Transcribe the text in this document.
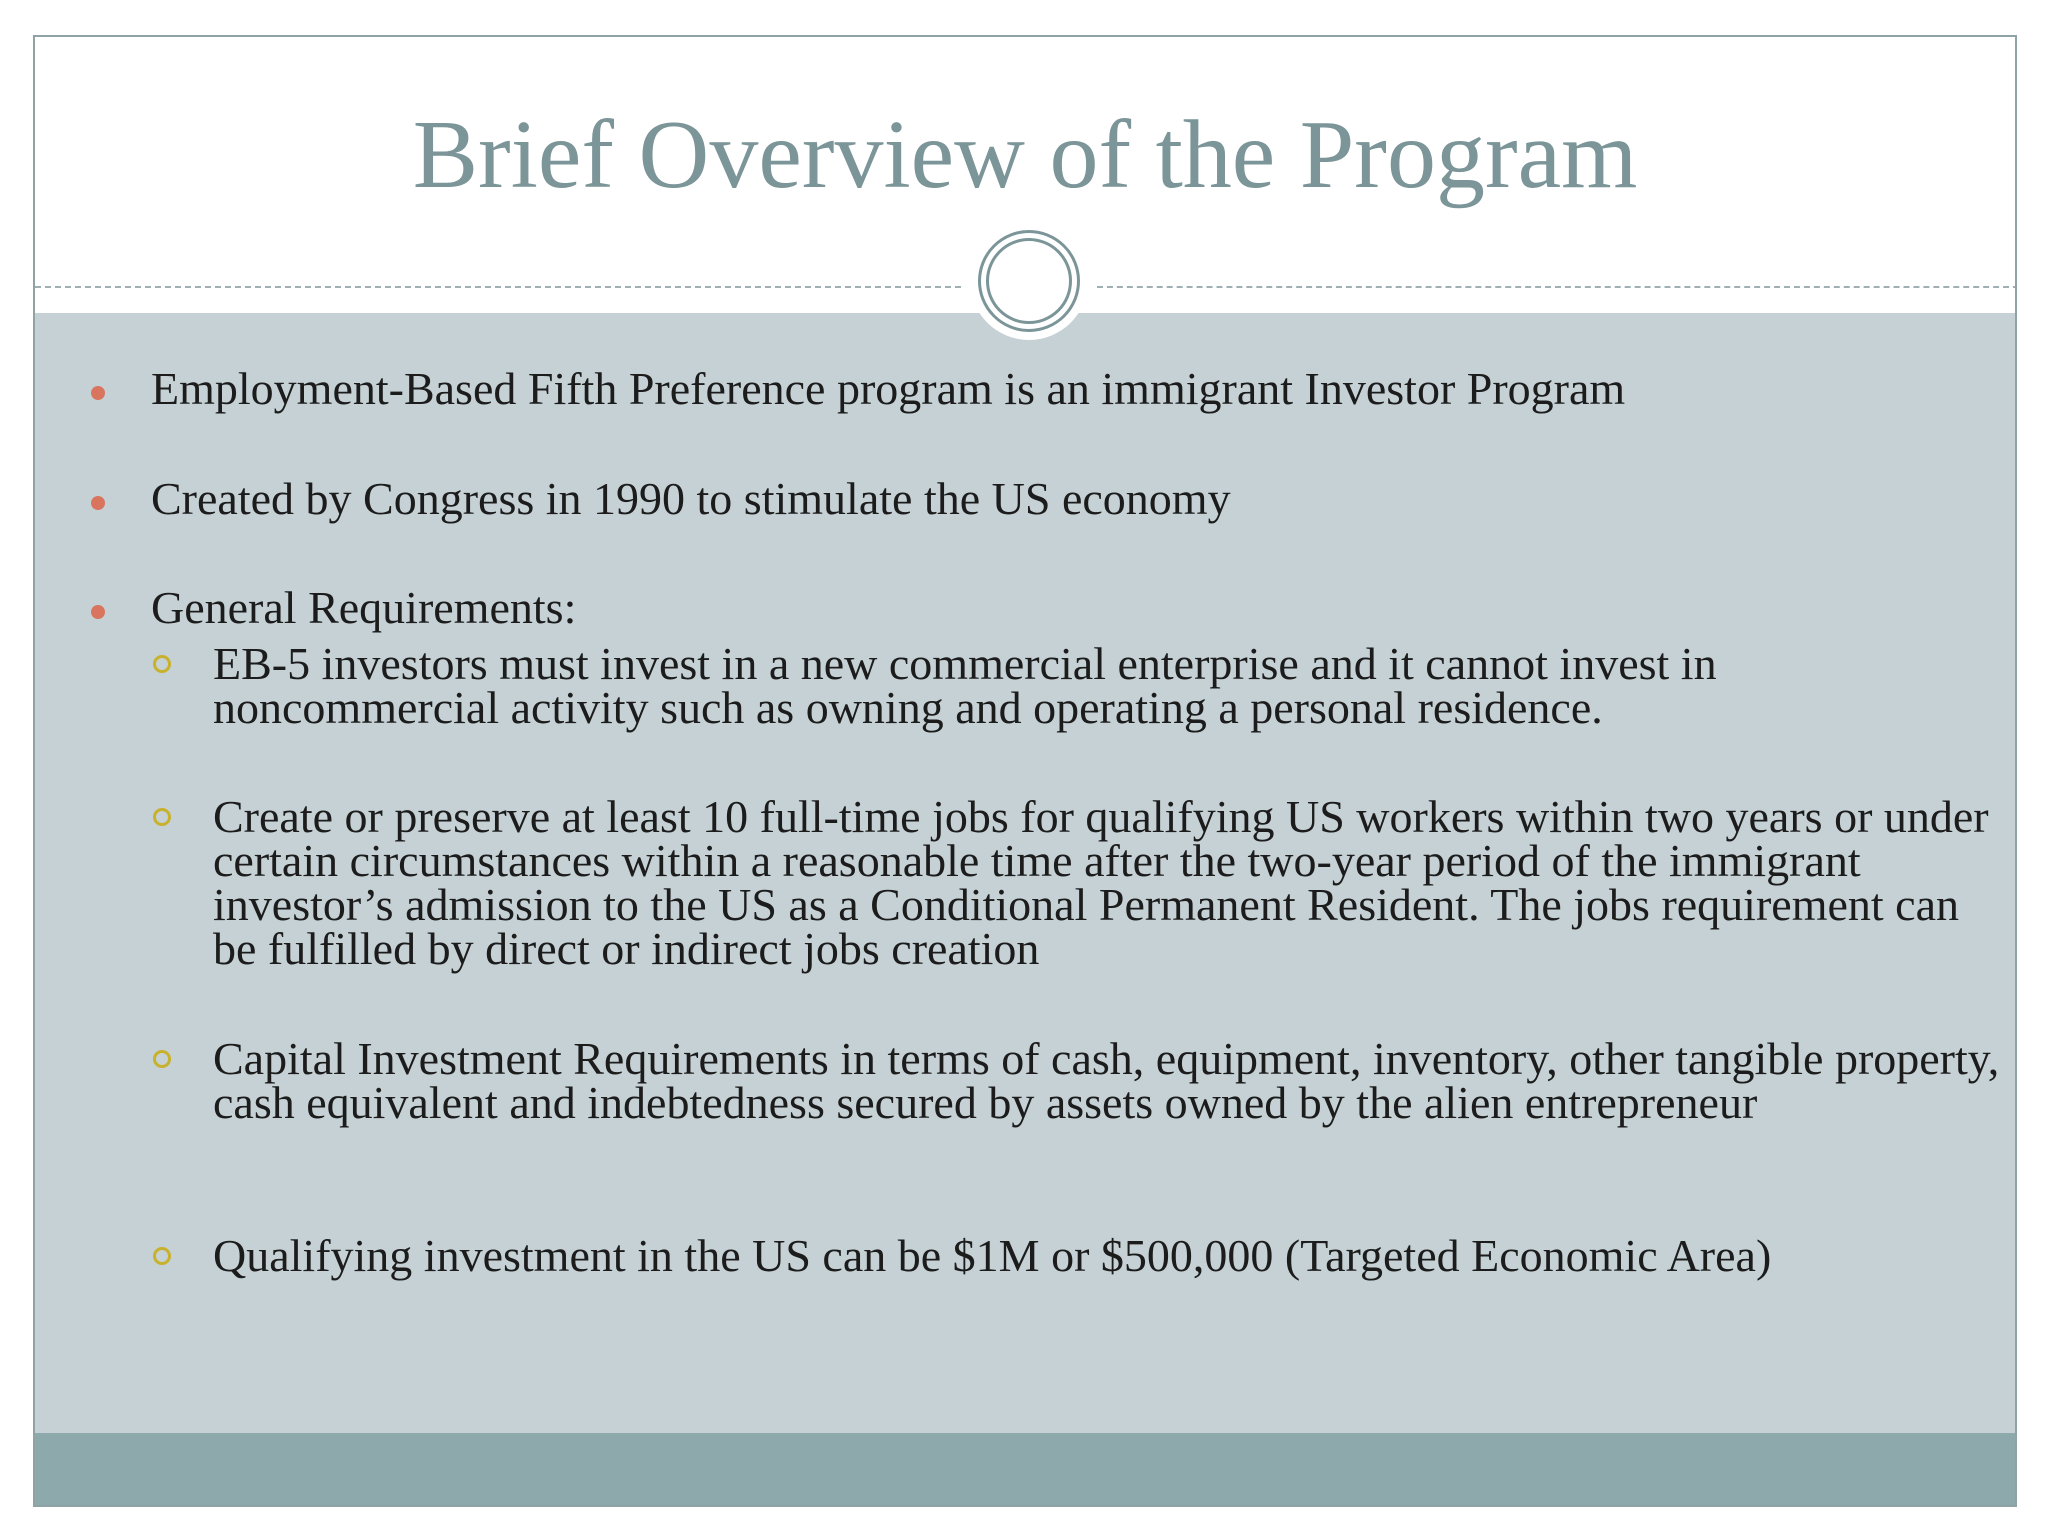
Brief Overview of the Program
Employment-Based Fifth Preference program is an immigrant Investor Program
Created by Congress in 1990 to stimulate the US economy
General Requirements:
EB-5 investors must invest in a new commercial enterprise and it cannot invest in noncommercial activity such as owning and operating a personal residence.
Create or preserve at least 10 full-time jobs for qualifying US workers within two years or under certain circumstances within a reasonable time after the two-year period of the immigrant investor’s admission to the US as a Conditional Permanent Resident. The jobs requirement can be fulfilled by direct or indirect jobs creation
Capital Investment Requirements in terms of cash, equipment, inventory, other tangible property, cash equivalent and indebtedness secured by assets owned by the alien entrepreneur
Qualifying investment in the US can be $1M or $500,000 (Targeted Economic Area)
